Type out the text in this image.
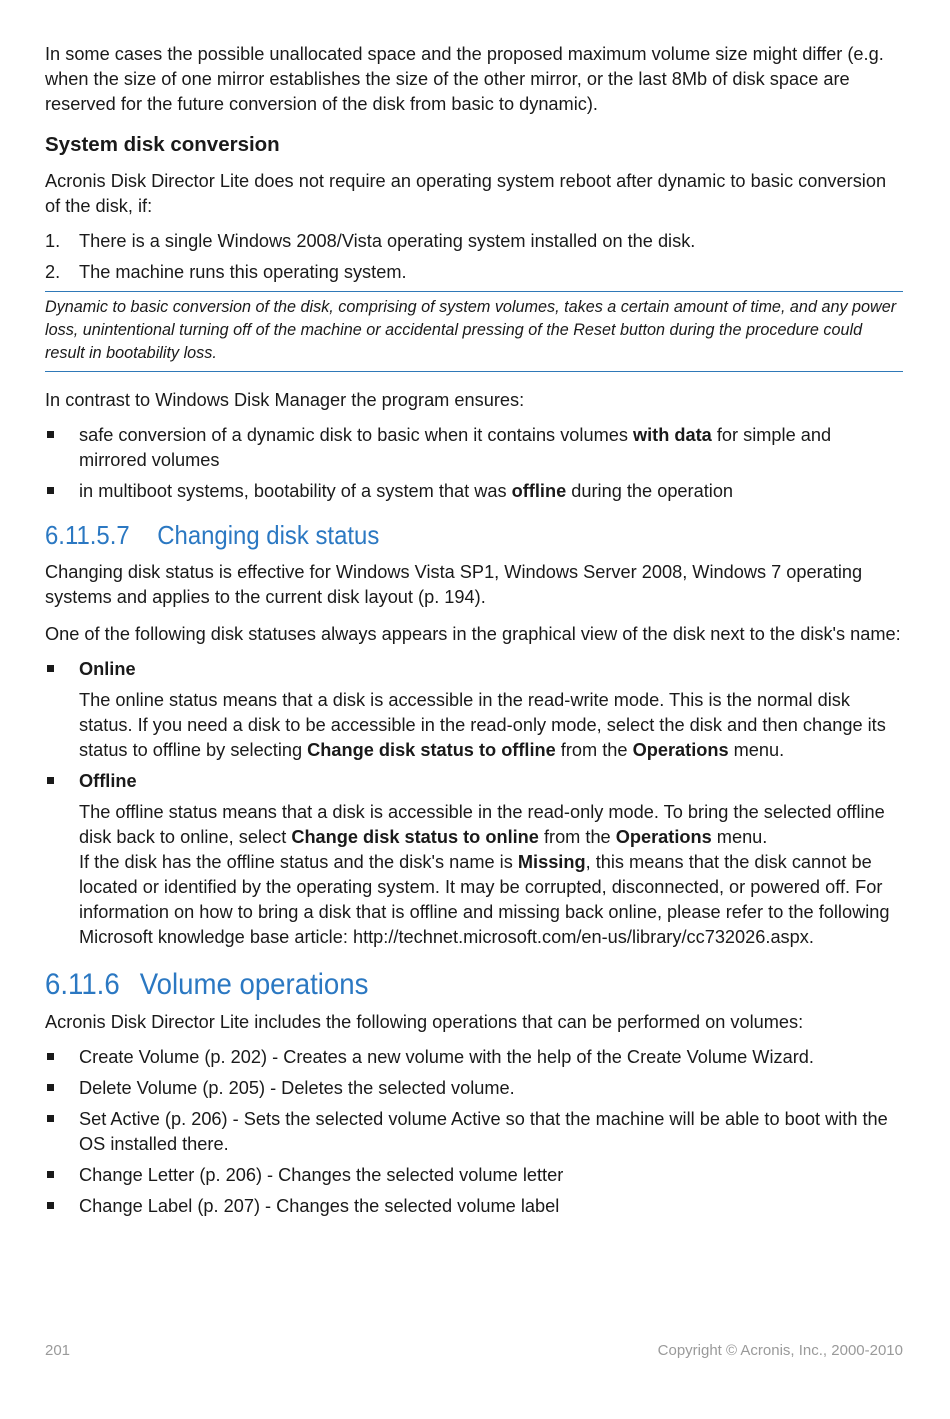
In some cases the possible unallocated space and the proposed maximum volume size might differ (e.g. when the size of one mirror establishes the size of the other mirror, or the last 8Mb of disk space are reserved for the future conversion of the disk from basic to dynamic).

System disk conversion

Acronis Disk Director Lite does not require an operating system reboot after dynamic to basic conversion of the disk, if:

1. There is a single Windows 2008/Vista operating system installed on the disk.
2. The machine runs this operating system.

Dynamic to basic conversion of the disk, comprising of system volumes, takes a certain amount of time, and any power loss, unintentional turning off of the machine or accidental pressing of the Reset button during the procedure could result in bootability loss.

In contrast to Windows Disk Manager the program ensures:

safe conversion of a dynamic disk to basic when it contains volumes with data for simple and mirrored volumes
in multiboot systems, bootability of a system that was offline during the operation
6.11.5.7 Changing disk status

Changing disk status is effective for Windows Vista SP1, Windows Server 2008, Windows 7 operating systems and applies to the current disk layout (p. 194).

One of the following disk statuses always appears in the graphical view of the disk next to the disk's name:

Online
The online status means that a disk is accessible in the read-write mode. This is the normal disk status. If you need a disk to be accessible in the read-only mode, select the disk and then change its status to offline by selecting Change disk status to offline from the Operations menu.
Offline
The offline status means that a disk is accessible in the read-only mode. To bring the selected offline disk back to online, select Change disk status to online from the Operations menu.
If the disk has the offline status and the disk's name is Missing, this means that the disk cannot be located or identified by the operating system. It may be corrupted, disconnected, or powered off. For information on how to bring a disk that is offline and missing back online, please refer to the following Microsoft knowledge base article: http://technet.microsoft.com/en-us/library/cc732026.aspx.
6.11.6 Volume operations

Acronis Disk Director Lite includes the following operations that can be performed on volumes:

Create Volume (p. 202) - Creates a new volume with the help of the Create Volume Wizard.
Delete Volume (p. 205) - Deletes the selected volume.
Set Active (p. 206) - Sets the selected volume Active so that the machine will be able to boot with the OS installed there.
Change Letter (p. 206) - Changes the selected volume letter
Change Label (p. 207) - Changes the selected volume label
201	Copyright © Acronis, Inc., 2000-2010
